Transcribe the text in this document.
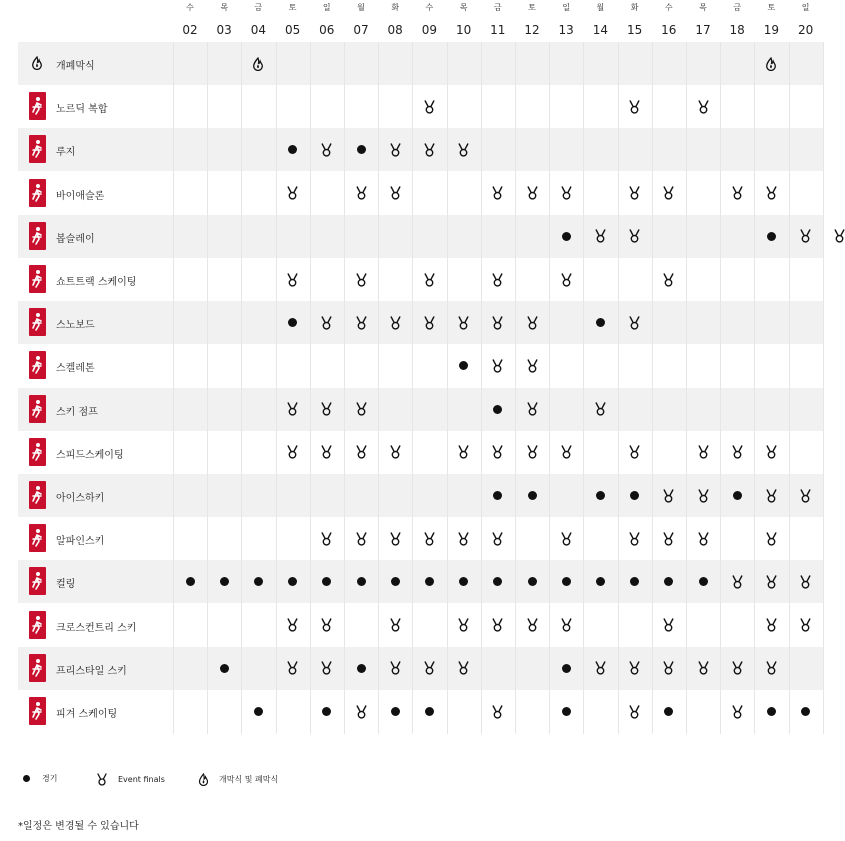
수
02
목
03
금
04
토
05
일
06
월
07
화
08
수
09
목
10
금
11
토
12
일
13
월
14
화
15
수
16
목
17
금
18
토
19
일
20
개폐막식
노르딕 복합
루지
바이애슬론
봅슬레이
쇼트트랙 스케이팅
스노보드
스켈레톤
스키 점프
스피드스케이팅
아이스하키
알파인스키
컬링
크로스컨트리 스키
프리스타일 스키
피겨 스케이팅
경기	Event finals	개막식 및 폐막식
*일정은 변경될 수 있습니다
